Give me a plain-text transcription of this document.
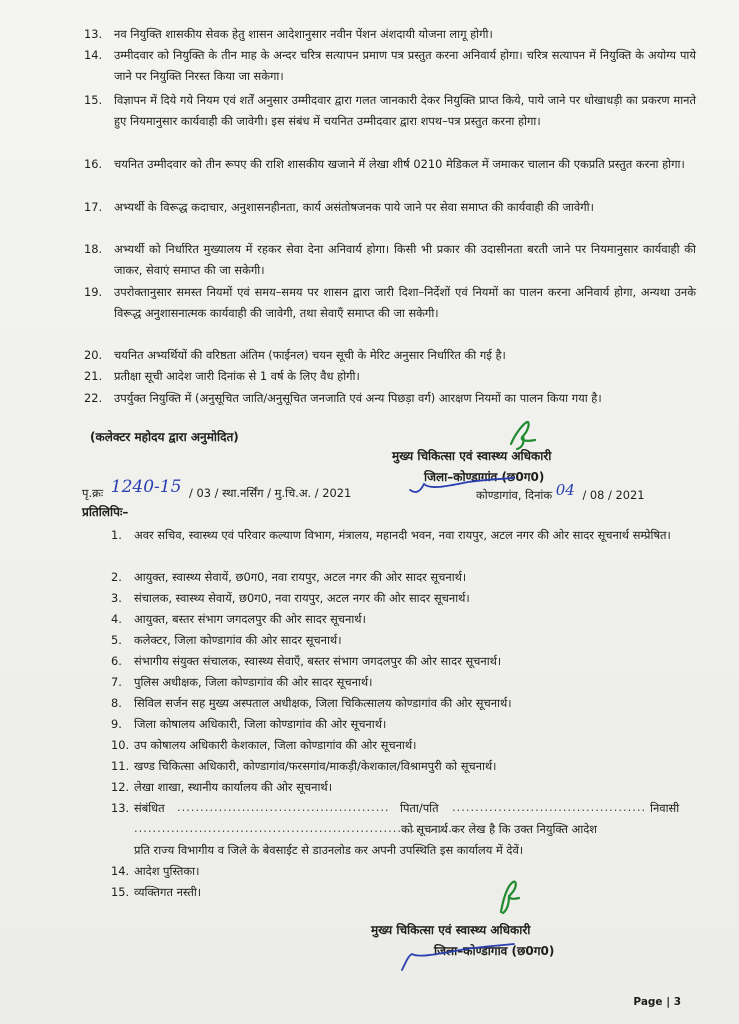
13.	नव नियुक्ति शासकीय सेवक हेतु शासन आदेशानुसार नवीन पेंशन अंशदायी योजना लागू होगी।
14.	उम्मीदवार को नियुक्ति के तीन माह के अन्दर चरित्र सत्यापन प्रमाण पत्र प्रस्तुत करना अनिवार्य होगा। चरित्र सत्यापन में नियुक्ति के अयोग्य पाये जाने पर नियुक्ति निरस्त किया जा सकेगा।
15.	विज्ञापन में दिये गये नियम एवं शर्तें अनुसार उम्मीदवार द्वारा गलत जानकारी देकर नियुक्ति प्राप्त किये, पाये जाने पर धोखाधड़ी का प्रकरण मानते हुए नियमानुसार कार्यवाही की जावेगी। इस संबंध में चयनित उम्मीदवार द्वारा शपथ–पत्र प्रस्तुत करना होगा।
16.	चयनित उम्मीदवार को तीन रूपए की राशि शासकीय खजाने में लेखा शीर्ष 0210 मेडिकल में जमाकर चालान की एकप्रति प्रस्तुत करना होगा।
17.	अभ्यर्थी के विरूद्ध कदाचार, अनुशासनहीनता, कार्य असंतोषजनक पाये जाने पर सेवा समाप्त की कार्यवाही की जावेगी।
18.	अभ्यर्थी को निर्धारित मुख्यालय में रहकर सेवा देना अनिवार्य होगा। किसी भी प्रकार की उदासीनता बरती जाने पर नियमानुसार कार्यवाही की जाकर, सेवाएं समाप्त की जा सकेगी।
19.	उपरोक्तानुसार समस्त नियमों एवं समय–समय पर शासन द्वारा जारी दिशा–निर्देशों एवं नियमों का पालन करना अनिवार्य होगा, अन्यथा उनके विरूद्ध अनुशासनात्मक कार्यवाही की जावेगी, तथा सेवाएँ समाप्त की जा सकेगी।
20.	चयनित अभ्यर्थियों की वरिष्ठता अंतिम (फाईनल) चयन सूची के मेरिट अनुसार निर्धारित की गई है।
21.	प्रतीक्षा सूची आदेश जारी दिनांक से 1 वर्ष के लिए वैध होगी।
22.	उपर्युक्त नियुक्ति में (अनुसूचित जाति/अनुसूचित जनजाति एवं अन्य पिछड़ा वर्ग) आरक्षण नियमों का पालन किया गया है।
(कलेक्टर महोदय द्वारा अनुमोदित)
मुख्य चिकित्सा एवं स्वास्थ्य अधिकारी
जिला–कोण्डागांव (छ0ग0)
पृ.क्रः 1240-15 / 03 / स्था.नर्सिंग / मु.चि.अ. / 2021	कोण्डागांव, दिनांक 04 / 08 / 2021
प्रतिलिपिः–
1.	अवर सचिव, स्वास्थ्य एवं परिवार कल्याण विभाग, मंत्रालय, महानदी भवन, नवा रायपुर, अटल नगर की ओर सादर सूचनार्थ सम्प्रेषित।
2.	आयुक्त, स्वास्थ्य सेवायें, छ0ग0, नवा रायपुर, अटल नगर की ओर सादर सूचनार्थ।
3.	संचालक, स्वास्थ्य सेवायें, छ0ग0, नवा रायपुर, अटल नगर की ओर सादर सूचनार्थ।
4.	आयुक्त, बस्तर संभाग जगदलपुर की ओर सादर सूचनार्थ।
5.	कलेक्टर, जिला कोण्डागांव की ओर सादर सूचनार्थ।
6.	संभागीय संयुक्त संचालक, स्वास्थ्य सेवाएँ, बस्तर संभाग जगदलपुर की ओर सादर सूचनार्थ।
7.	पुलिस अधीक्षक, जिला कोण्डागांव की ओर सादर सूचनार्थ।
8.	सिविल सर्जन सह मुख्य अस्पताल अधीक्षक, जिला चिकित्सालय कोण्डागांव की ओर सूचनार्थ।
9.	जिला कोषालय अधिकारी, जिला कोण्डागांव की ओर सूचनार्थ।
10. उप कोषालय अधिकारी केशकाल, जिला कोण्डागांव की ओर सूचनार्थ।
11. खण्ड चिकित्सा अधिकारी, कोण्डागांव/फरसगांव/माकड़ी/केशकाल/विश्रामपुरी को सूचनार्थ।
12. लेखा शाखा, स्थानीय कार्यालय की ओर सूचनार्थ।
13. संबंधित .............................................. पिता/पति .......................................... निवासी
......................................................................
को सूचनार्थ कर लेख है कि उक्त नियुक्ति आदेश
प्रति राज्य विभागीय व जिले के बेवसाईट से डाउनलोड कर अपनी उपस्थिति इस कार्यालय में देवें।
14. आदेश पुस्तिका।
15. व्यक्तिगत नस्ती।
मुख्य चिकित्सा एवं स्वास्थ्य अधिकारी
जिला–कोण्डागांव (छ0ग0)
Page | 3
